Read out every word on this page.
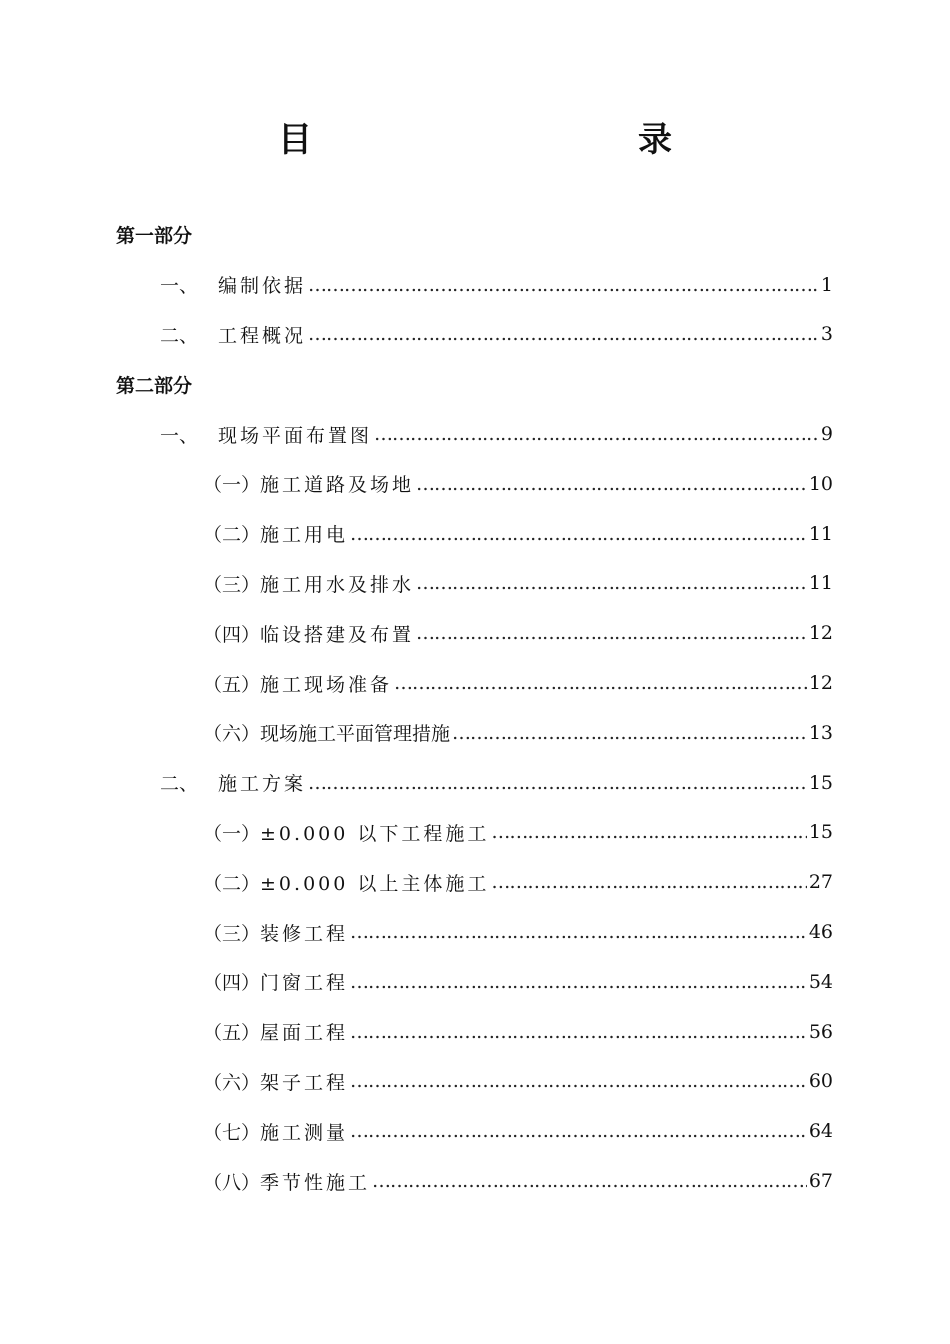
目　　录
第一部分
一、	编制依据 ………………………………………………………………………………………………………………………………	1
二、	工程概况 ………………………………………………………………………………………………………………………………	3
第二部分
一、	现场平面布置图 ………………………………………………………………………………………………………………………………	9
（一） 施工道路及场地 ………………………………………………………………………………………………………………………………	10
（二） 施工用电 ………………………………………………………………………………………………………………………………	11
（三） 施工用水及排水 ………………………………………………………………………………………………………………………………	11
（四） 临设搭建及布置 ………………………………………………………………………………………………………………………………	12
（五） 施工现场准备 ………………………………………………………………………………………………………………………………	12
（六） 现场施工平面管理措施 ………………………………………………………………………………………………………………………………	13
二、	施工方案 ………………………………………………………………………………………………………………………………	15
（一） ±0.000 以下工程施工 ………………………………………………………………………………………………………………………………	15
（二） ±0.000 以上主体施工 ………………………………………………………………………………………………………………………………	27
（三） 装修工程 ………………………………………………………………………………………………………………………………	46
（四） 门窗工程 ………………………………………………………………………………………………………………………………	54
（五） 屋面工程 ………………………………………………………………………………………………………………………………	56
（六） 架子工程 ………………………………………………………………………………………………………………………………	60
（七） 施工测量 ………………………………………………………………………………………………………………………………	64
（八） 季节性施工 ………………………………………………………………………………………………………………………………	67
